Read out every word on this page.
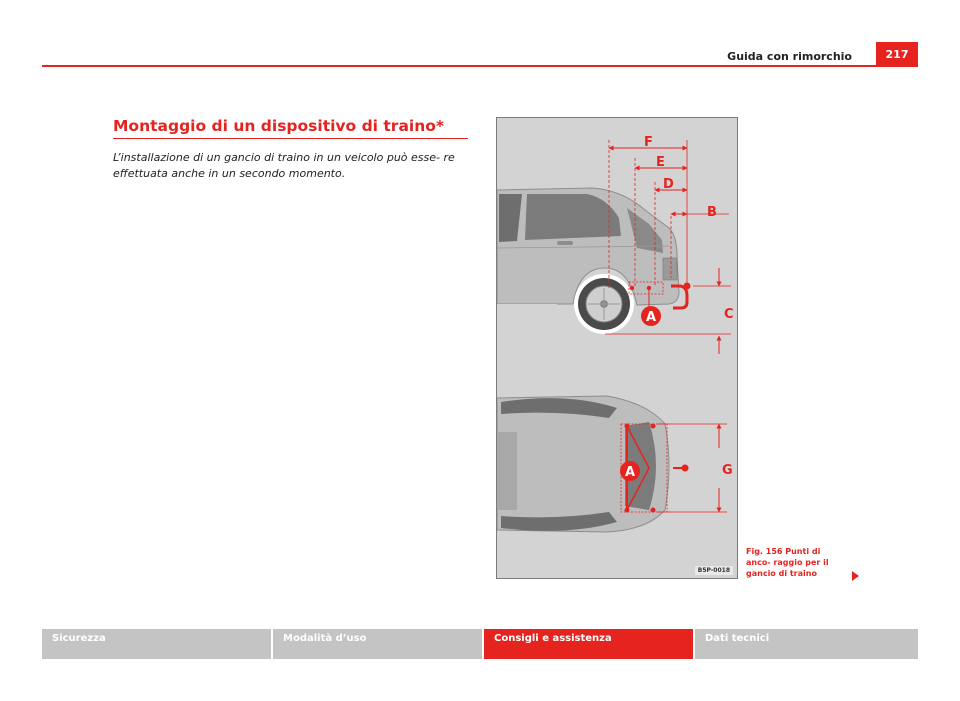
Guida con rimorchio	217
Montaggio di un dispositivo di traino*
L’installazione di un gancio di traino in un veicolo può esse- re effettuata anche in un secondo momento.
F
E
D
B
C
A
A	G
B5P-0018
Fig. 156 Punti di anco- raggio per il gancio di traino
Sicurezza	Modalità d’uso	Consigli e assistenza	Dati tecnici
